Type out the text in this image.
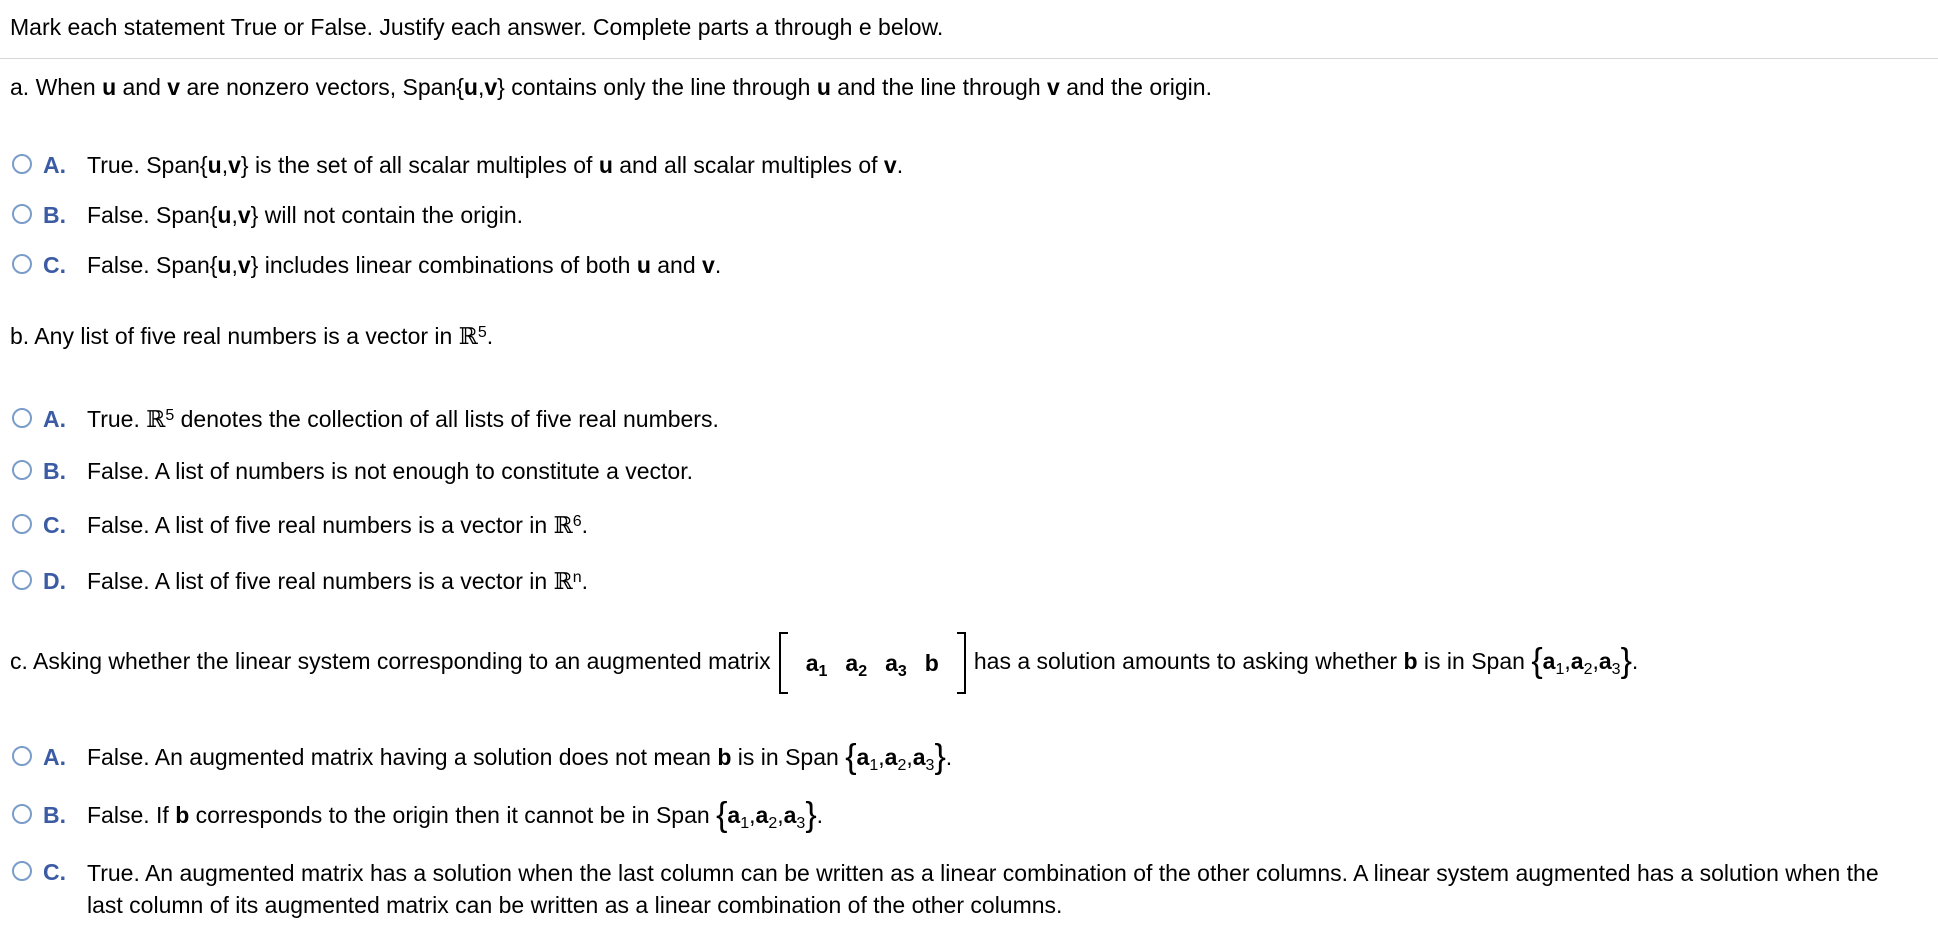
Mark each statement True or False. Justify each answer. Complete parts a through e below.
a. When u and v are nonzero vectors, Span{u,v} contains only the line through u and the line through v and the origin.
A. True. Span{u,v} is the set of all scalar multiples of u and all scalar multiples of v.
B. False. Span{u,v} will not contain the origin.
C. False. Span{u,v} includes linear combinations of both u and v.
b. Any list of five real numbers is a vector in ℝ$^5$.
A. True. ℝ$^5$ denotes the collection of all lists of five real numbers.
B. False. A list of numbers is not enough to constitute a vector.
C. False. A list of five real numbers is a vector in ℝ$^6$.
D. False. A list of five real numbers is a vector in ℝ$^n$.
c. Asking whether the linear system corresponding to an augmented matrix $a_1$ $a_2$ $a_3$ b has a solution amounts to asking whether b is in Span $\{a_1,a_2,a_3\}$.
A. False. An augmented matrix having a solution does not mean b is in Span $\{a_1,a_2,a_3\}$.
B. False. If b corresponds to the origin then it cannot be in Span $\{a_1,a_2,a_3\}$.
C. True. An augmented matrix has a solution when the last column can be written as a linear combination of the other columns. A linear system augmented has a solution when the last column of its augmented matrix can be written as a linear combination of the other columns.
